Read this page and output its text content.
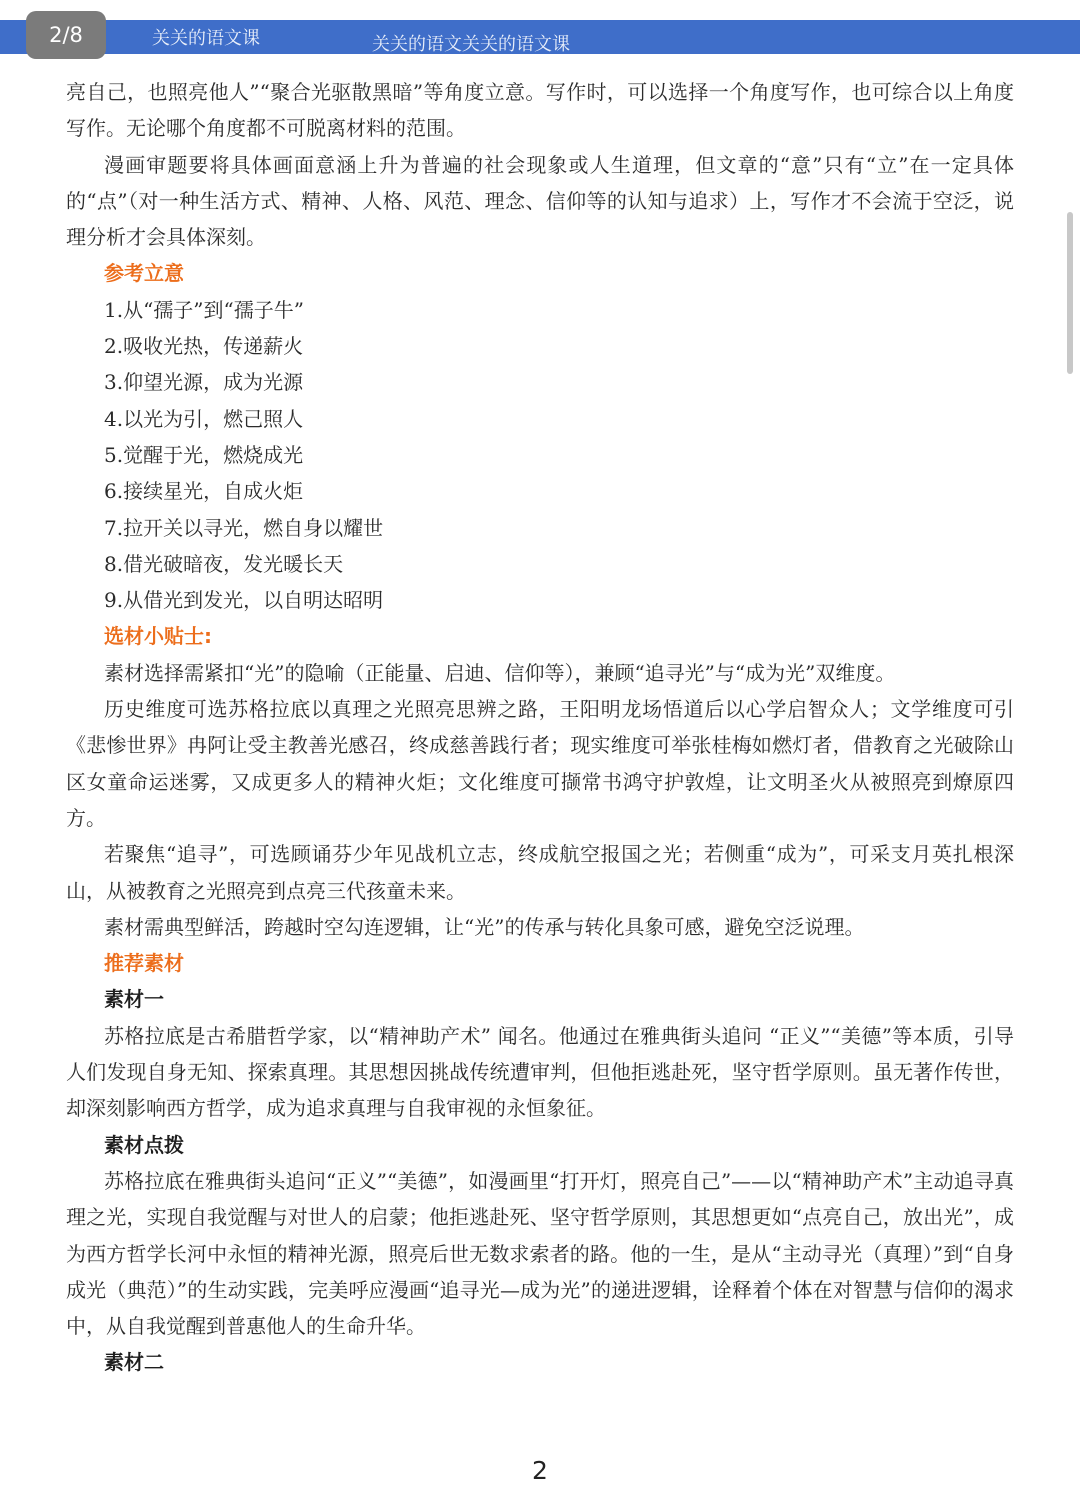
2/8	关关的语文课	关关的语文关关的语文课

亮自己，也照亮他人”“聚合光驱散黑暗”等角度立意。写作时，可以选择一个角度写作，也可综合以上角度写作。无论哪个角度都不可脱离材料的范围。

漫画审题要将具体画面意涵上升为普遍的社会现象或人生道理，但文章的“意”只有“立”在一定具体的“点”（对一种生活方式、精神、人格、风范、理念、信仰等的认知与追求）上，写作才不会流于空泛，说理分析才会具体深刻。

参考立意

1.从“孺子”到“孺子牛”

2.吸收光热，传递薪火

3.仰望光源，成为光源

4.以光为引，燃己照人

5.觉醒于光，燃烧成光

6.接续星光，自成火炬

7.拉开关以寻光，燃自身以耀世

8.借光破暗夜，发光暖长天

9.从借光到发光，以自明达昭明

选材小贴士:

素材选择需紧扣“光”的隐喻（正能量、启迪、信仰等），兼顾“追寻光”与“成为光”双维度。

历史维度可选苏格拉底以真理之光照亮思辨之路，王阳明龙场悟道后以心学启智众人；文学维度可引《悲惨世界》冉阿让受主教善光感召，终成慈善践行者；现实维度可举张桂梅如燃灯者，借教育之光破除山区女童命运迷雾，又成更多人的精神火炬；文化维度可撷常书鸿守护敦煌，让文明圣火从被照亮到燎原四方。

若聚焦“追寻”，可选顾诵芬少年见战机立志，终成航空报国之光；若侧重“成为”，可采支月英扎根深山，从被教育之光照亮到点亮三代孩童未来。

素材需典型鲜活，跨越时空勾连逻辑，让“光”的传承与转化具象可感，避免空泛说理。

推荐素材

素材一

苏格拉底是古希腊哲学家，以“精神助产术” 闻名。他通过在雅典街头追问 “正义”“美德”等本质，引导人们发现自身无知、探索真理。其思想因挑战传统遭审判，但他拒逃赴死，坚守哲学原则。虽无著作传世，却深刻影响西方哲学，成为追求真理与自我审视的永恒象征。

素材点拨

苏格拉底在雅典街头追问“正义”“美德”，如漫画里“打开灯，照亮自己”——以“精神助产术”主动追寻真理之光，实现自我觉醒与对世人的启蒙；他拒逃赴死、坚守哲学原则，其思想更如“点亮自己，放出光”，成为西方哲学长河中永恒的精神光源，照亮后世无数求索者的路。他的一生，是从“主动寻光（真理）”到“自身成光（典范）”的生动实践，完美呼应漫画“追寻光—成为光”的递进逻辑，诠释着个体在对智慧与信仰的渴求中，从自我觉醒到普惠他人的生命升华。

素材二

2
